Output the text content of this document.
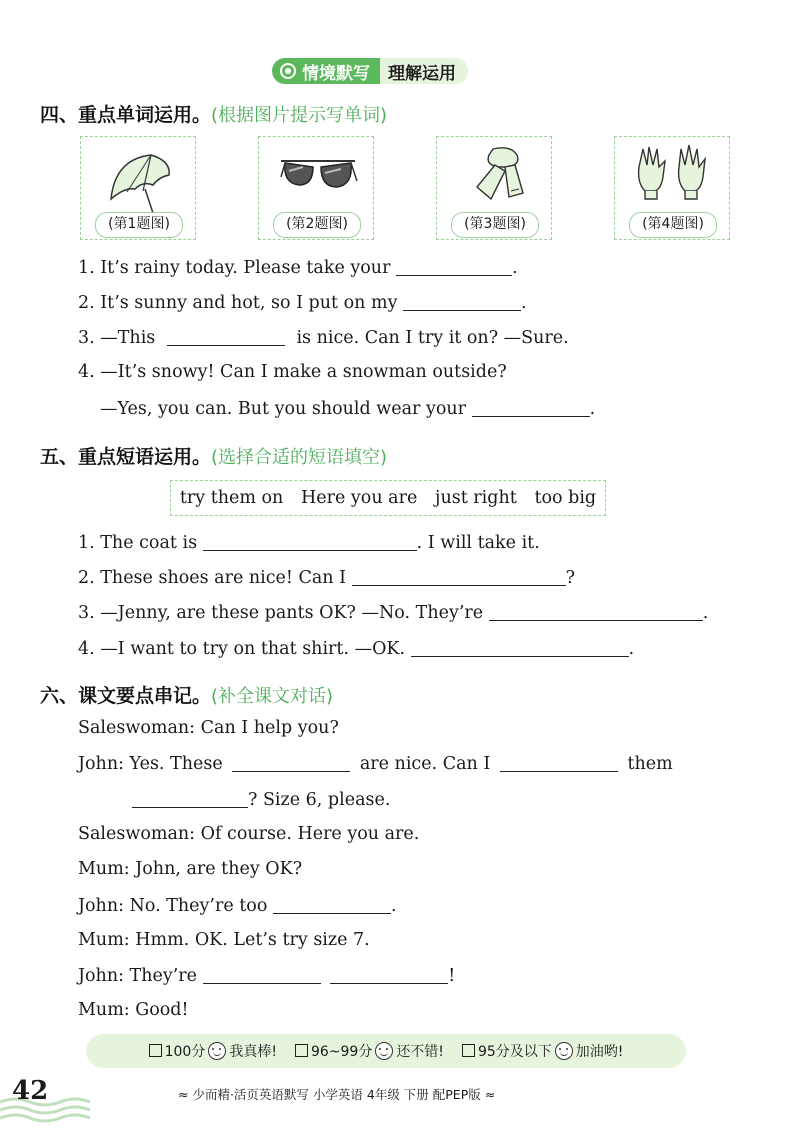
情境默写	理解运用
四、重点单词运用。(根据图片提示写单词)
(第1题图)	(第2题图)	(第3题图)	(第4题图)
1. It’s rainy today. Please take your	.
2. It’s sunny and hot, so I put on my	.
3. —This	is nice. Can I try it on? —Sure.
4. —It’s snowy! Can I make a snowman outside?
—Yes, you can. But you should wear your	.
五、重点短语运用。(选择合适的短语填空)
try them on Here you are just right too big
1. The coat is	. I will take it.
2. These shoes are nice! Can I	?
3. —Jenny, are these pants OK? —No. They’re	.
4. —I want to try on that shirt. —OK.	.
六、课文要点串记。(补全课文对话)
Saleswoman: Can I help you?
John: Yes. These	are nice. Can I	them
? Size 6, please.
Saleswoman: Of course. Here you are.
Mum: John, are they OK?
John: No. They’re too	.
Mum: Hmm. OK. Let’s try size 7.
John: They’re	!
Mum: Good!
100分 我真棒!	96~99分 还不错!	95分及以下 加油哟!
42	≈ 少而精·活页英语默写 小学英语 4年级 下册 配PEP版 ≈
